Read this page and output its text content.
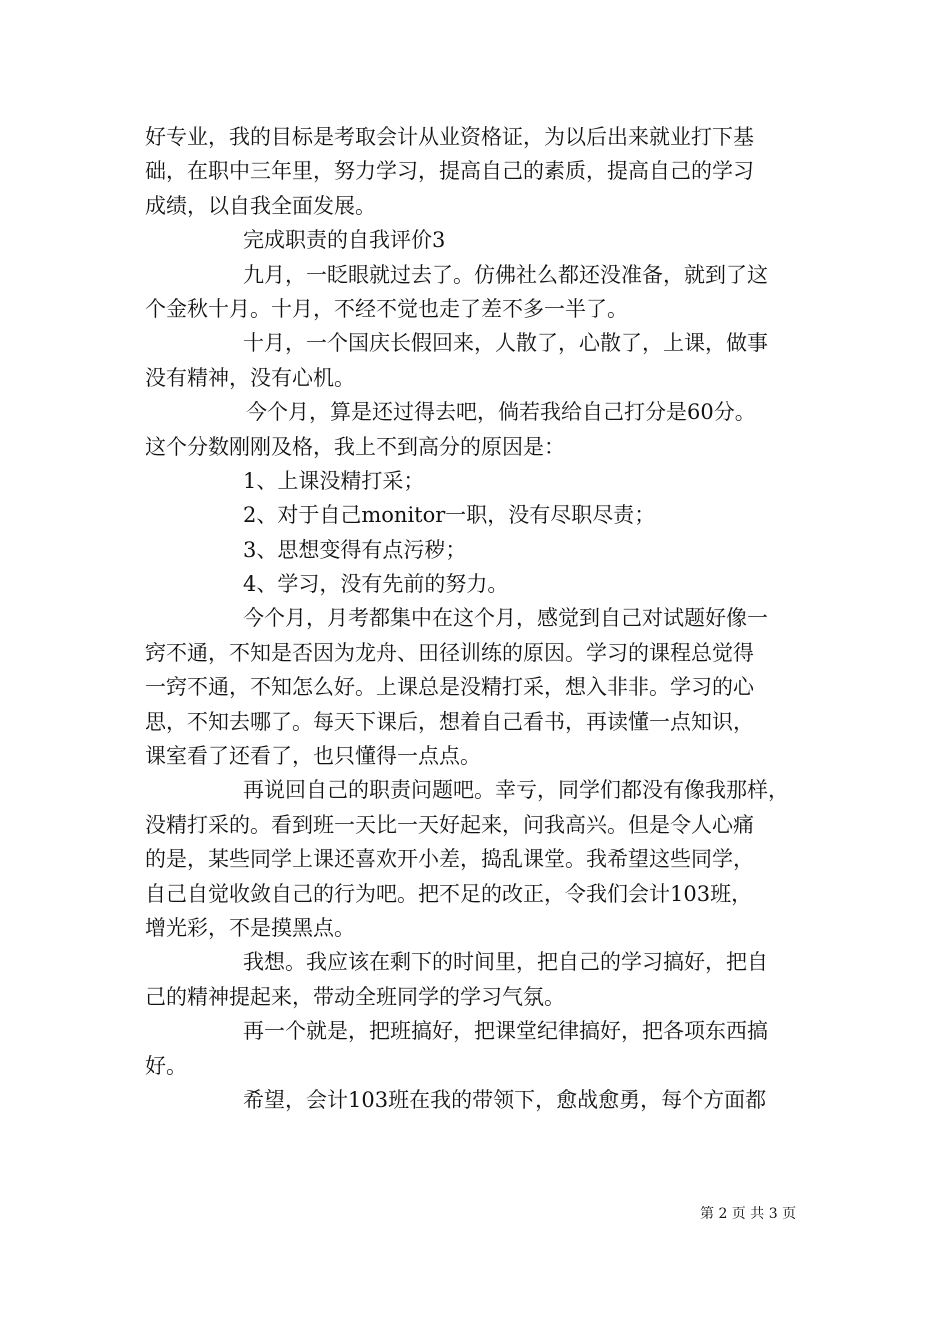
好专业，我的目标是考取会计从业资格证，为以后出来就业打下基
础，在职中三年里，努力学习，提高自己的素质，提高自己的学习
成绩，以自我全面发展。
完成职责的自我评价3
九月，一眨眼就过去了。仿佛社么都还没准备，就到了这
个金秋十月。十月，不经不觉也走了差不多一半了。
十月，一个国庆长假回来，人散了，心散了，上课，做事
没有精神，没有心机。
今个月，算是还过得去吧，倘若我给自己打分是60分。
这个分数刚刚及格，我上不到高分的原因是：
1、上课没精打采；
2、对于自己monitor一职，没有尽职尽责；
3、思想变得有点污秽；
4、学习，没有先前的努力。
今个月，月考都集中在这个月，感觉到自己对试题好像一
窍不通，不知是否因为龙舟、田径训练的原因。学习的课程总觉得
一窍不通，不知怎么好。上课总是没精打采，想入非非。学习的心
思，不知去哪了。每天下课后，想着自己看书，再读懂一点知识，
课室看了还看了，也只懂得一点点。
再说回自己的职责问题吧。幸亏，同学们都没有像我那样，
没精打采的。看到班一天比一天好起来，问我高兴。但是令人心痛
的是，某些同学上课还喜欢开小差，捣乱课堂。我希望这些同学，
自己自觉收敛自己的行为吧。把不足的改正，令我们会计103班，
增光彩，不是摸黑点。
我想。我应该在剩下的时间里，把自己的学习搞好，把自
己的精神提起来，带动全班同学的学习气氛。
再一个就是，把班搞好，把课堂纪律搞好，把各项东西搞
好。
希望，会计103班在我的带领下，愈战愈勇，每个方面都
第 2 页 共 3 页
